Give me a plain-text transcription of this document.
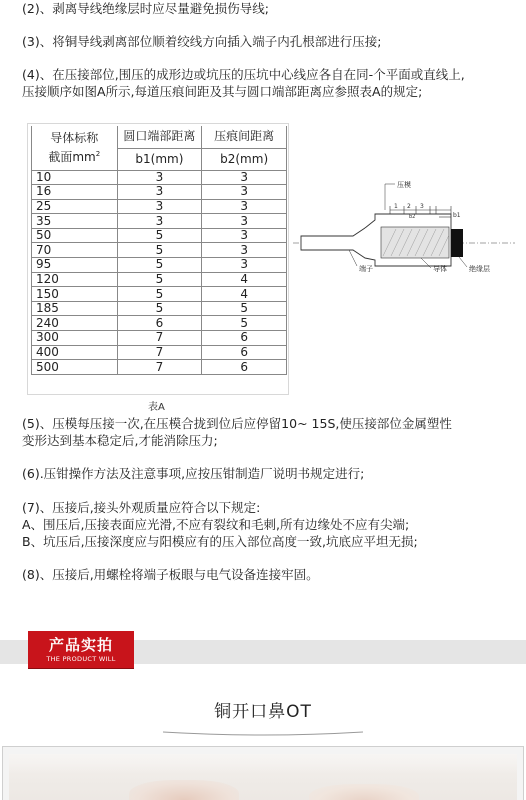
(2)、剥离导线绝缘层时应尽量避免损伤导线;
(3)、将铜导线剥离部位顺着绞线方向插入端子内孔根部进行压接;
(4)、在压接部位,围压的成形边或坑压的压坑中心线应各自在同-个平面或直线上,
压接顺序如图A所示,每道压痕间距及其与圆口端部距离应参照表A的规定;
导体标称
截面$mm^2$	圆口端部距离	压痕间距离
	b1(mm)	b2(mm)
10	3	3
16	3	3
25	3	3
35	3	3
50	5	3
70	5	3
95	5	3
120	5	4
150	5	4
185	5	5
240	6	5
300	7	6
400	7	6
500	7	6
表A
1 2 3
b2	b1
压模
端子	导体	绝缘层
(5)、压模每压接一次,在压模合拢到位后应停留10~ 15S,使压接部位金属塑性
变形达到基本稳定后,才能消除压力;
(6).压钳操作方法及注意事项,应按压钳制造厂说明书规定进行;
(7)、压接后,接头外观质量应符合以下规定:
A、围压后,压接表面应光滑,不应有裂纹和毛刺,所有边缘处不应有尖端;
B、坑压后,压接深度应与阳模应有的压入部位高度一致,坑底应平坦无损;
(8)、压接后,用螺栓将端子板眼与电气设备连接牢固。
产品实拍
THE PRODUCT WILL
铜开口鼻OT
